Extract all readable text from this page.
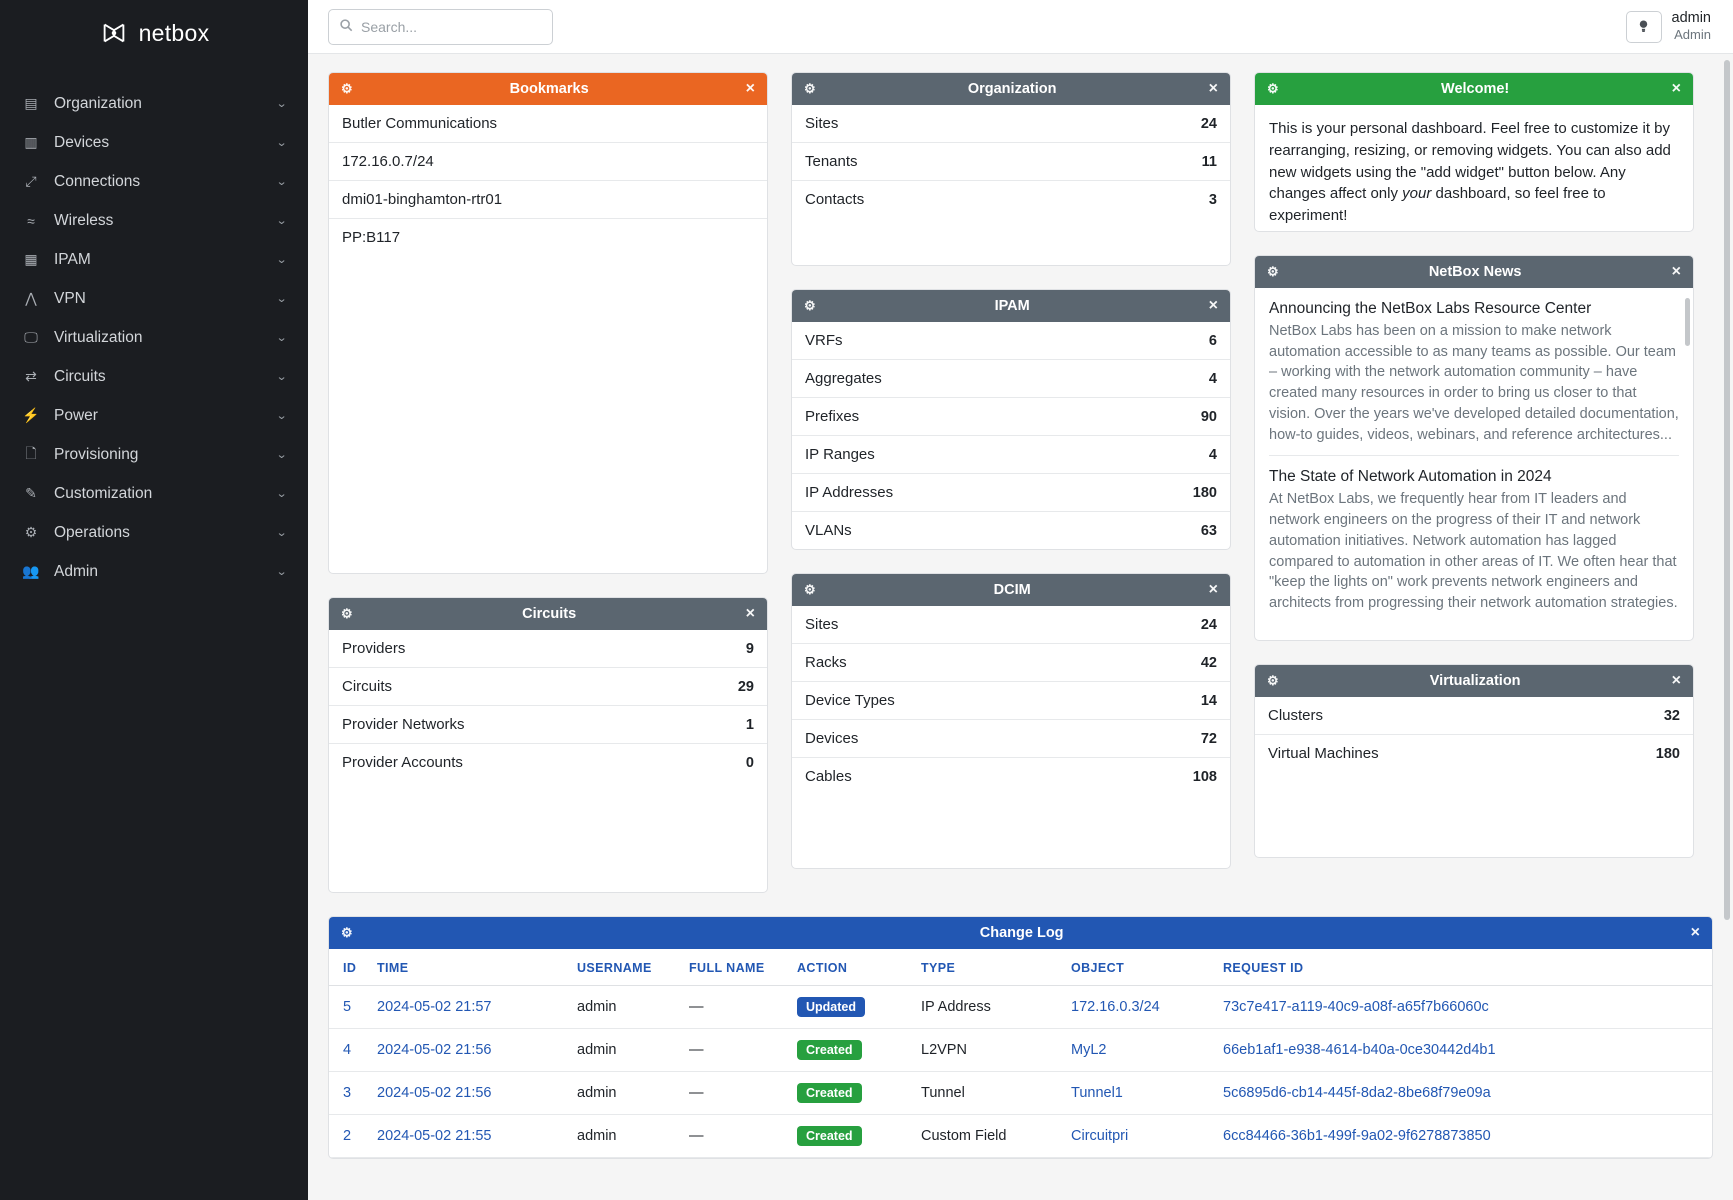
netbox
▤ Organization	⌄
▥ Devices	⌄
⤢	Connections	⌄
≈	Wireless	⌄
▦ IPAM	⌄
⋀	VPN	⌄
🖵 Virtualization	⌄
⇄	Circuits	⌄
⚡ Power	⌄
🗋	Provisioning	⌄
✎	Customization	⌄
⚙	Operations	⌄
👥 Admin	⌄
Search...
admin
Admin
⚙	Bookmarks	×
Butler Communications
172.16.0.7/24
dmi01-binghamton-rtr01
PP:B117
⚙	Circuits	×
Providers	9
Circuits	29
Provider Networks	1
Provider Accounts	0
⚙	Organization	×
Sites	24
Tenants	11
Contacts	3
⚙	IPAM	×
VRFs	6
Aggregates	4
Prefixes	90
IP Ranges	4
IP Addresses	180
VLANs	63
⚙	DCIM	×
Sites	24
Racks	42
Device Types	14
Devices	72
Cables	108
⚙	Welcome!	×
This is your personal dashboard. Feel free to customize it by rearranging, resizing, or removing widgets. You can also add new widgets using the "add widget" button below. Any changes affect only your dashboard, so feel free to experiment!
⚙	NetBox News	×
Announcing the NetBox Labs Resource Center
NetBox Labs has been on a mission to make network automation accessible to as many teams as possible. Our team – working with the network automation community – have created many resources in order to bring us closer to that vision. Over the years we've developed detailed documentation, how-to guides, videos, webinars, and reference architectures...
The State of Network Automation in 2024
At NetBox Labs, we frequently hear from IT leaders and network engineers on the progress of their IT and network automation initiatives. Network automation has lagged compared to automation in other areas of IT. We often hear that "keep the lights on" work prevents network engineers and architects from progressing their network automation strategies.
⚙	Virtualization	×
Clusters	32
Virtual Machines	180
⚙	Change Log	×
ID	TIME	USERNAME	FULL NAME	ACTION	TYPE	OBJECT	REQUEST ID
5	2024-05-02 21:57	admin	—	Updated	IP Address	172.16.0.3/24	73c7e417-a119-40c9-a08f-a65f7b66060c
4	2024-05-02 21:56	admin	—	Created	L2VPN	MyL2	66eb1af1-e938-4614-b40a-0ce30442d4b1
3	2024-05-02 21:56	admin	—	Created	Tunnel	Tunnel1	5c6895d6-cb14-445f-8da2-8be68f79e09a
2	2024-05-02 21:55	admin	—	Created	Custom Field	Circuitpri	6cc84466-36b1-499f-9a02-9f6278873850
